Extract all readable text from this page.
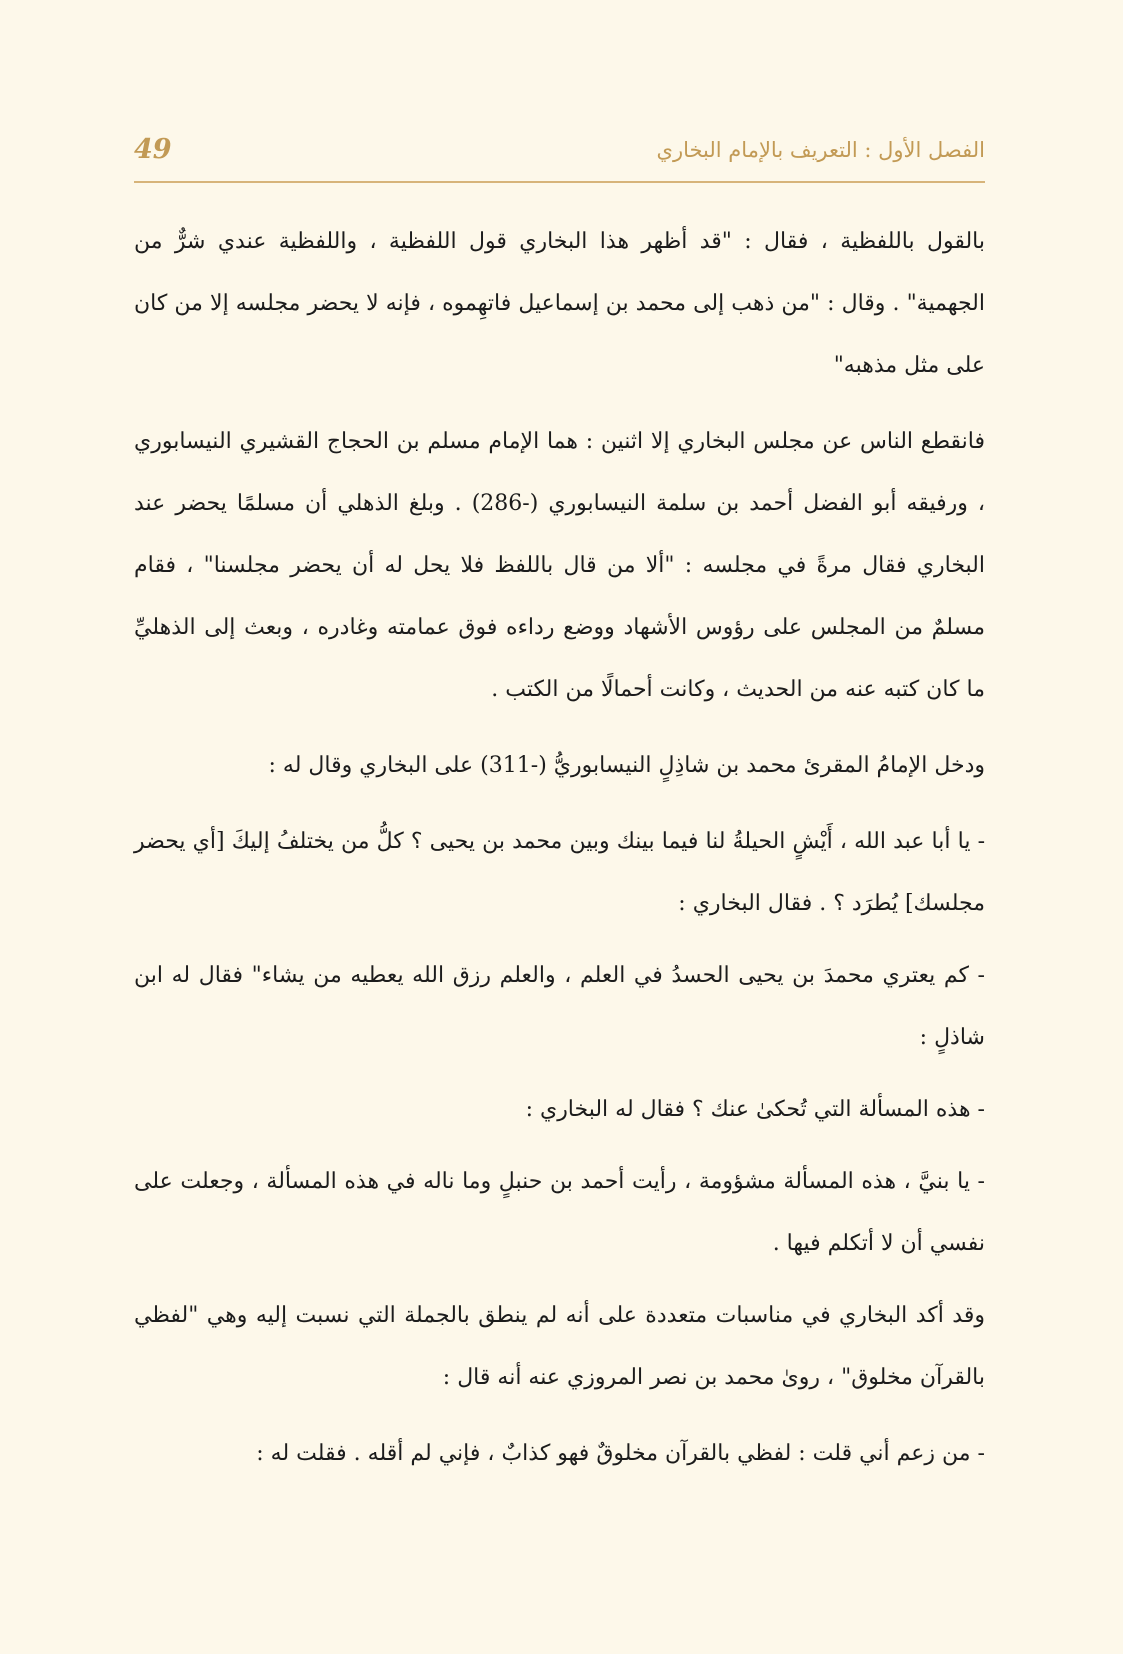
الفصل الأول : التعريف بالإمام البخاري
49

بالقول باللفظية ، فقال : "قد أظهر هذا البخاري قول اللفظية ، واللفظية عندي شرٌّ من الجهمية" . وقال : "من ذهب إلى محمد بن إسماعيل فاتهِموه ، فإنه لا يحضر مجلسه إلا من كان على مثل مذهبه"

فانقطع الناس عن مجلس البخاري إلا اثنين : هما الإمام مسلم بن الحجاج القشيري النيسابوري ، ورفيقه أبو الفضل أحمد بن سلمة النيسابوري (-286) . وبلغ الذهلي أن مسلمًا يحضر عند البخاري فقال مرةً في مجلسه : "ألا من قال باللفظ فلا يحل له أن يحضر مجلسنا" ، فقام مسلمٌ من المجلس على رؤوس الأشهاد ووضع رداءه فوق عمامته وغادره ، وبعث إلى الذهليِّ ما كان كتبه عنه من الحديث ، وكانت أحمالًا من الكتب .

ودخل الإمامُ المقرئ محمد بن شاذِلٍ النيسابوريُّ (-311) على البخاري وقال له :

- يا أبا عبد الله ، أَيْشٍ الحيلةُ لنا فيما بينك وبين محمد بن يحيى ؟ كلُّ من يختلفُ إليكَ [أي يحضر مجلسك] يُطرَد ؟ . فقال البخاري :

- كم يعتري محمدَ بن يحيى الحسدُ في العلم ، والعلم رزق الله يعطيه من يشاء" فقال له ابن شاذلٍ :

- هذه المسألة التي تُحكىٰ عنك ؟ فقال له البخاري :

- يا بنيَّ ، هذه المسألة مشؤومة ، رأيت أحمد بن حنبلٍ وما ناله في هذه المسألة ، وجعلت على نفسي أن لا أتكلم فيها .

وقد أكد البخاري في مناسبات متعددة على أنه لم ينطق بالجملة التي نسبت إليه وهي "لفظي بالقرآن مخلوق" ، روىٰ محمد بن نصر المروزي عنه أنه قال :

- من زعم أني قلت : لفظي بالقرآن مخلوقٌ فهو كذابٌ ، فإني لم أقله . فقلت له :
